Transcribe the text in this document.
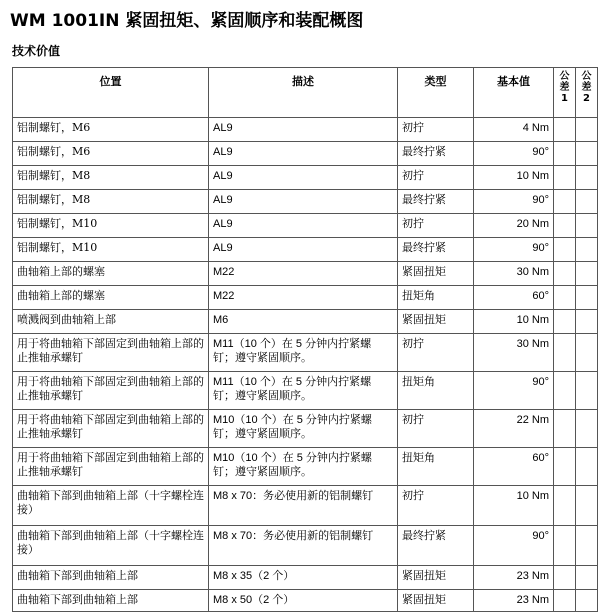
WM 1001IN 紧固扭矩、紧固顺序和装配概图
技术价值
位置	描述	类型	基本值	公差1	公差2

铝制螺钉，M6	AL9	初拧	4 Nm		
铝制螺钉，M6	AL9	最终拧紧	90°		
铝制螺钉，M8	AL9	初拧	10 Nm		
铝制螺钉，M8	AL9	最终拧紧	90°		
铝制螺钉，M10	AL9	初拧	20 Nm		
铝制螺钉，M10	AL9	最终拧紧	90°		
曲轴箱上部的螺塞	M22	紧固扭矩	30 Nm		
曲轴箱上部的螺塞	M22	扭矩角	60°		
喷溅阀到曲轴箱上部	M6	紧固扭矩	10 Nm		
用于将曲轴箱下部固定到曲轴箱上部的止推轴承螺钉	M11（10 个）在 5 分钟内拧紧螺钉；遵守紧固顺序。	初拧	30 Nm		
用于将曲轴箱下部固定到曲轴箱上部的止推轴承螺钉	M11（10 个）在 5 分钟内拧紧螺钉；遵守紧固顺序。	扭矩角	90°		
用于将曲轴箱下部固定到曲轴箱上部的止推轴承螺钉	M10（10 个）在 5 分钟内拧紧螺钉；遵守紧固顺序。	初拧	22 Nm		
用于将曲轴箱下部固定到曲轴箱上部的止推轴承螺钉	M10（10 个）在 5 分钟内拧紧螺钉；遵守紧固顺序。	扭矩角	60°		
曲轴箱下部到曲轴箱上部（十字螺栓连接）	M8 x 70：务必使用新的铝制螺钉	初拧	10 Nm		
曲轴箱下部到曲轴箱上部（十字螺栓连接）	M8 x 70：务必使用新的铝制螺钉	最终拧紧	90°		
曲轴箱下部到曲轴箱上部	M8 x 35（2 个）	紧固扭矩	23 Nm		
曲轴箱下部到曲轴箱上部	M8 x 50（2 个）	紧固扭矩	23 Nm		
